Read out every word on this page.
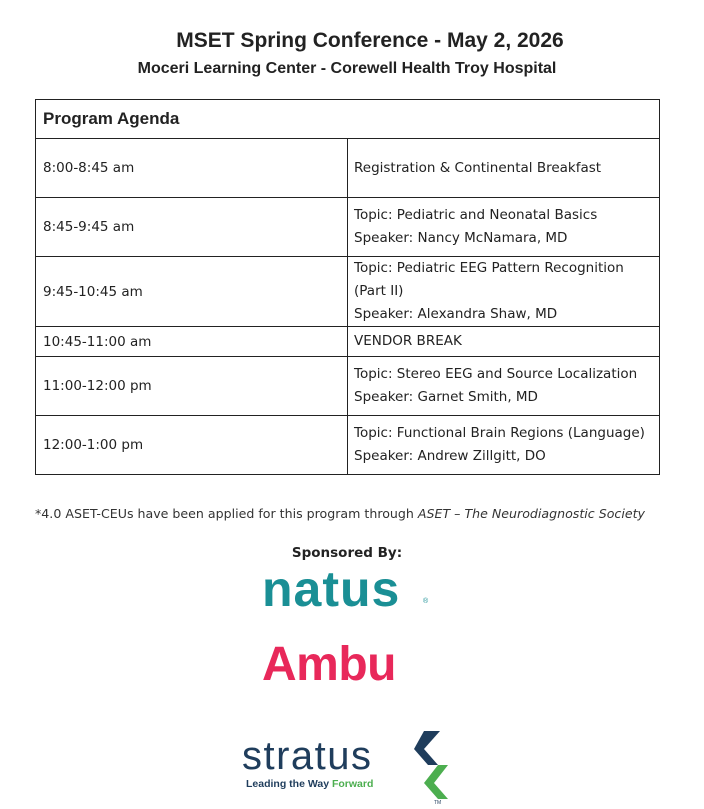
MSET Spring Conference - May 2, 2026
Moceri Learning Center - Corewell Health Troy Hospital
Program Agenda	
8:00-8:45 am	Registration & Continental Breakfast

8:45-9:45 am	Topic: Pediatric and Neonatal Basics
Speaker: Nancy McNamara, MD

9:45-10:45 am	Topic: Pediatric EEG Pattern Recognition (Part II)
Speaker: Alexandra Shaw, MD

10:45-11:00 am	VENDOR BREAK

11:00-12:00 pm	Topic: Stereo EEG and Source Localization
Speaker: Garnet Smith, MD

12:00-1:00 pm	Topic: Functional Brain Regions (Language)
Speaker: Andrew Zillgitt, DO
*4.0 ASET-CEUs have been applied for this program through ASET – The Neurodiagnostic Society
Sponsored By:
natus	®
Ambu
stratus
Leading the Way Forward
TM
